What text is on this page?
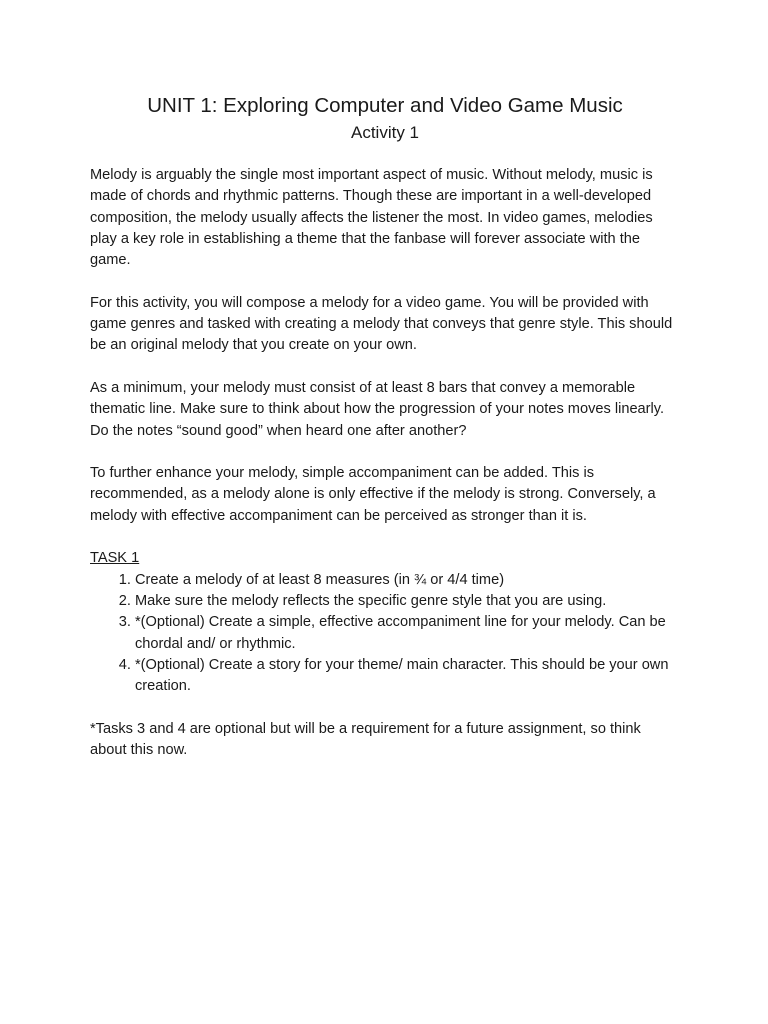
UNIT 1: Exploring Computer and Video Game Music
Activity 1

Melody is arguably the single most important aspect of music. Without melody, music is made of chords and rhythmic patterns. Though these are important in a well-developed composition, the melody usually affects the listener the most. In video games, melodies play a key role in establishing a theme that the fanbase will forever associate with the game.

For this activity, you will compose a melody for a video game. You will be provided with game genres and tasked with creating a melody that conveys that genre style. This should be an original melody that you create on your own.

As a minimum, your melody must consist of at least 8 bars that convey a memorable thematic line. Make sure to think about how the progression of your notes moves linearly. Do the notes “sound good” when heard one after another?

To further enhance your melody, simple accompaniment can be added. This is recommended, as a melody alone is only effective if the melody is strong. Conversely, a melody with effective accompaniment can be perceived as stronger than it is.

TASK 1

1. Create a melody of at least 8 measures (in ¾ or 4/4 time)
2. Make sure the melody reflects the specific genre style that you are using.
3. *(Optional) Create a simple, effective accompaniment line for your melody. Can be chordal and/ or rhythmic.
4. *(Optional) Create a story for your theme/ main character. This should be your own creation.

*Tasks 3 and 4 are optional but will be a requirement for a future assignment, so think about this now.
